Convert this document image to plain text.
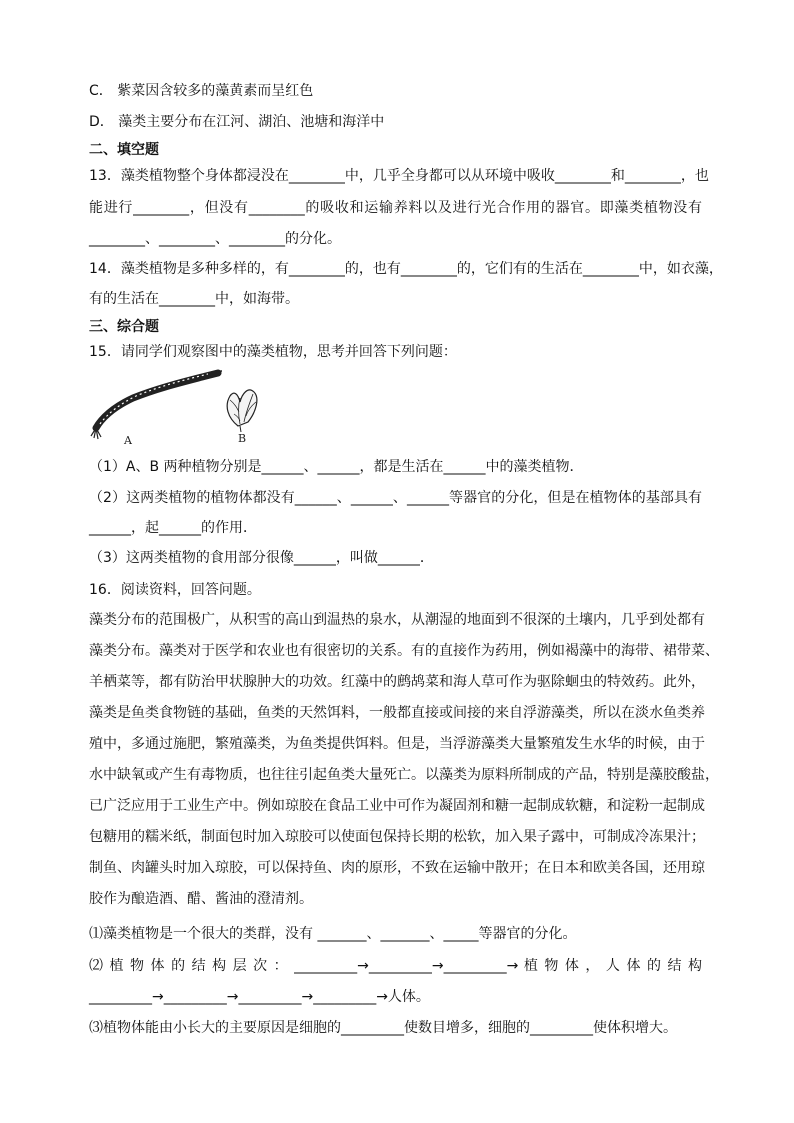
C． 紫菜因含较多的藻黄素而呈红色
D． 藻类主要分布在江河、湖泊、池塘和海洋中
二、填空题
13．藻类植物整个身体都浸没在________中，几乎全身都可以从环境中吸收________和________，也
能进行________，但没有________的吸收和运输养料以及进行光合作用的器官。即藻类植物没有
________、________、________的分化。
14．藻类植物是多种多样的，有________的，也有________的，它们有的生活在________中，如衣藻，
有的生活在________中，如海带。
三、综合题
15．请同学们观察图中的藻类植物，思考并回答下列问题：
A	B
（1）A、B 两种植物分别是______、______，都是生活在______中的藻类植物．
（2）这两类植物的植物体都没有______、______、______等器官的分化，但是在植物体的基部具有
______，起______的作用．
（3）这两类植物的食用部分很像______，叫做______．
16．阅读资料，回答问题。
藻类分布的范围极广，从积雪的高山到温热的泉水，从潮湿的地面到不很深的土壤内，几乎到处都有
藻类分布。藻类对于医学和农业也有很密切的关系。有的直接作为药用，例如褐藻中的海带、裙带菜、
羊栖菜等，都有防治甲状腺肿大的功效。红藻中的鹧鸪菜和海人草可作为驱除蛔虫的特效药。此外，
藻类是鱼类食物链的基础，鱼类的天然饵料，一般都直接或间接的来自浮游藻类，所以在淡水鱼类养
殖中，多通过施肥，繁殖藻类，为鱼类提供饵料。但是，当浮游藻类大量繁殖发生水华的时候，由于
水中缺氧或产生有毒物质，也往往引起鱼类大量死亡。以藻类为原料所制成的产品，特别是藻胶酸盐，
已广泛应用于工业生产中。例如琼胶在食品工业中可作为凝固剂和糖一起制成软糖，和淀粉一起制成
包糖用的糯米纸，制面包时加入琼胶可以使面包保持长期的松软，加入果子露中，可制成冷冻果汁；
制鱼、肉罐头时加入琼胶，可以保持鱼、肉的原形，不致在运输中散开；在日本和欧美各国，还用琼
胶作为酿造酒、醋、酱油的澄清剂。
⑴藻类植物是一个很大的类群，没有 _______、_______、_____等器官的分化。
⑵ 植 物 体 的 结 构 层 次 ： _________→_________→_________→ 植 物 体 ， 人 体 的 结 构
_________→_________→_________→_________→人体。
⑶植物体能由小长大的主要原因是细胞的_________使数目增多，细胞的_________使体积增大。
